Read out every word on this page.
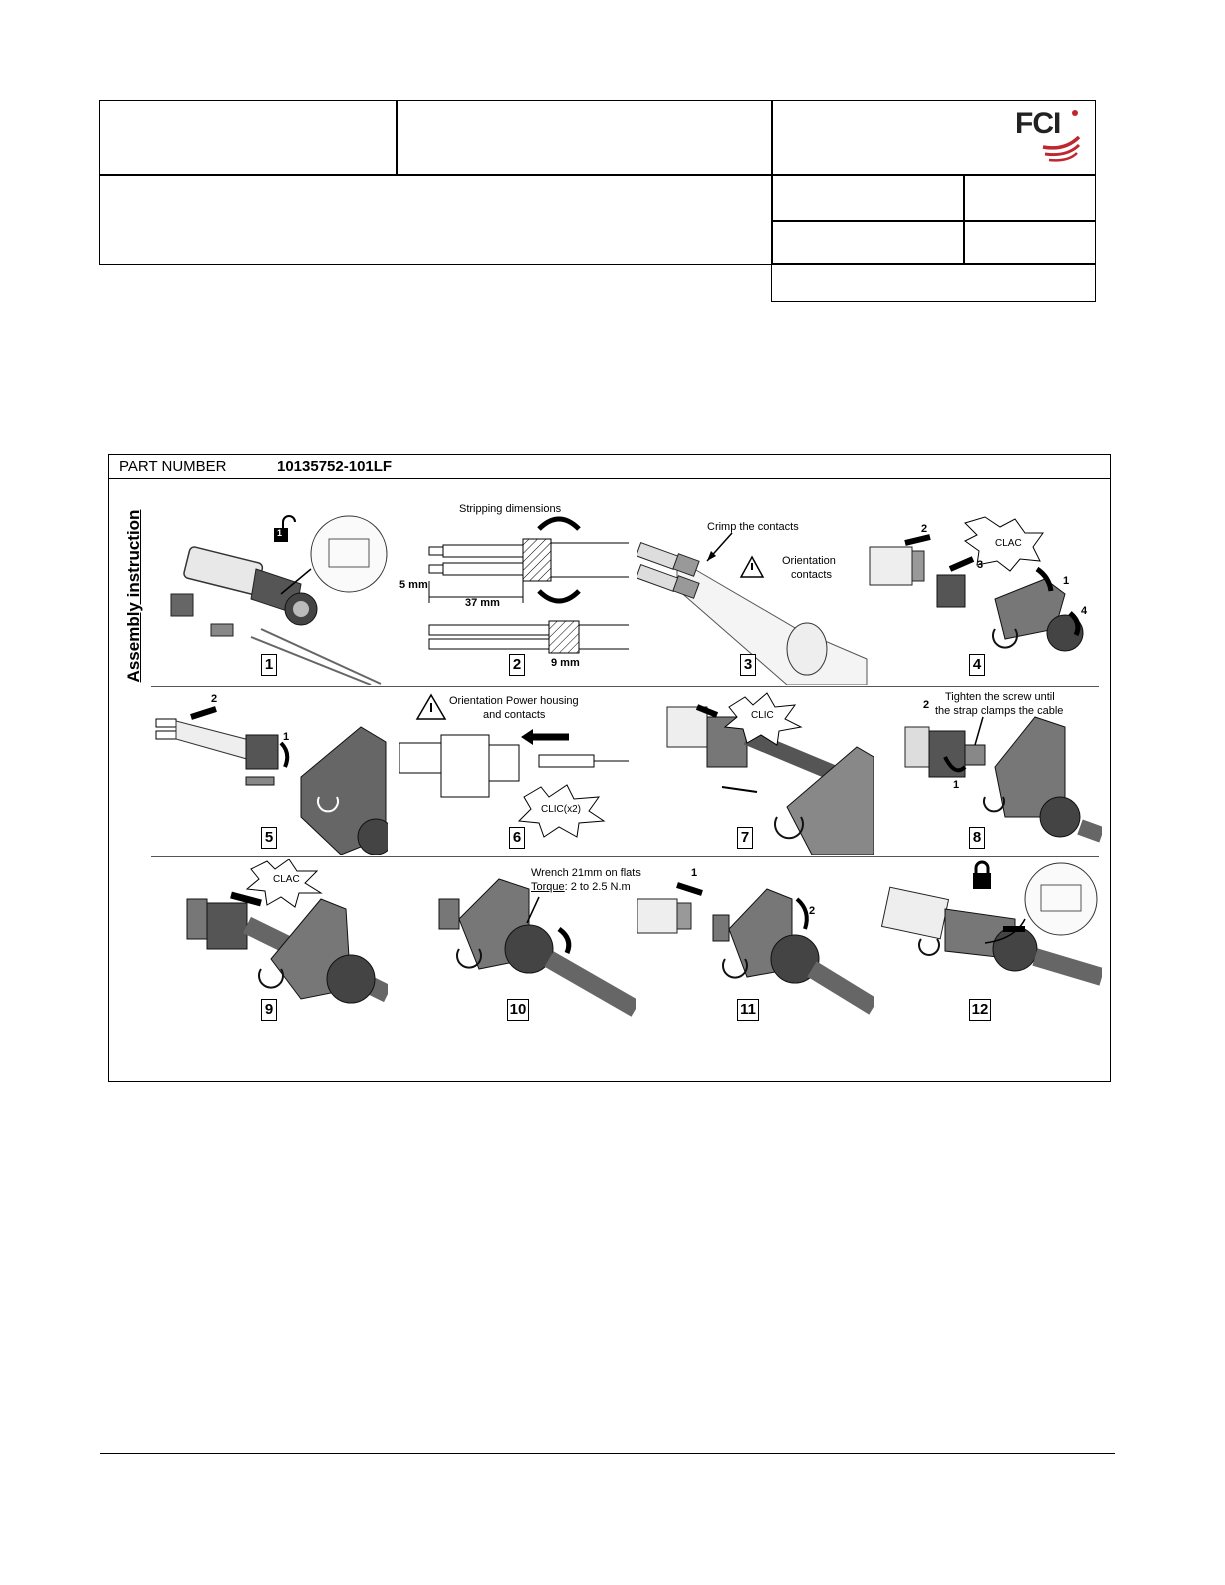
FCI
PART NUMBER	10135752-101LF
Assembly instruction	1
1
Stripping dimensions
5 mm
37 mm
9 mm
2
Crimp the contacts
Orientation
contacts
3
CLAC
1
2
3
4
4
1
2
5
Orientation Power housing
and contacts
CLIC(x2)
6
CLIC
7
Tighten the screw until
the strap clamps the cable
1
2
8
CLAC
9
Wrench 21mm on flats
Torque: 2 to 2.5 N.m
10
1
2
11	12
